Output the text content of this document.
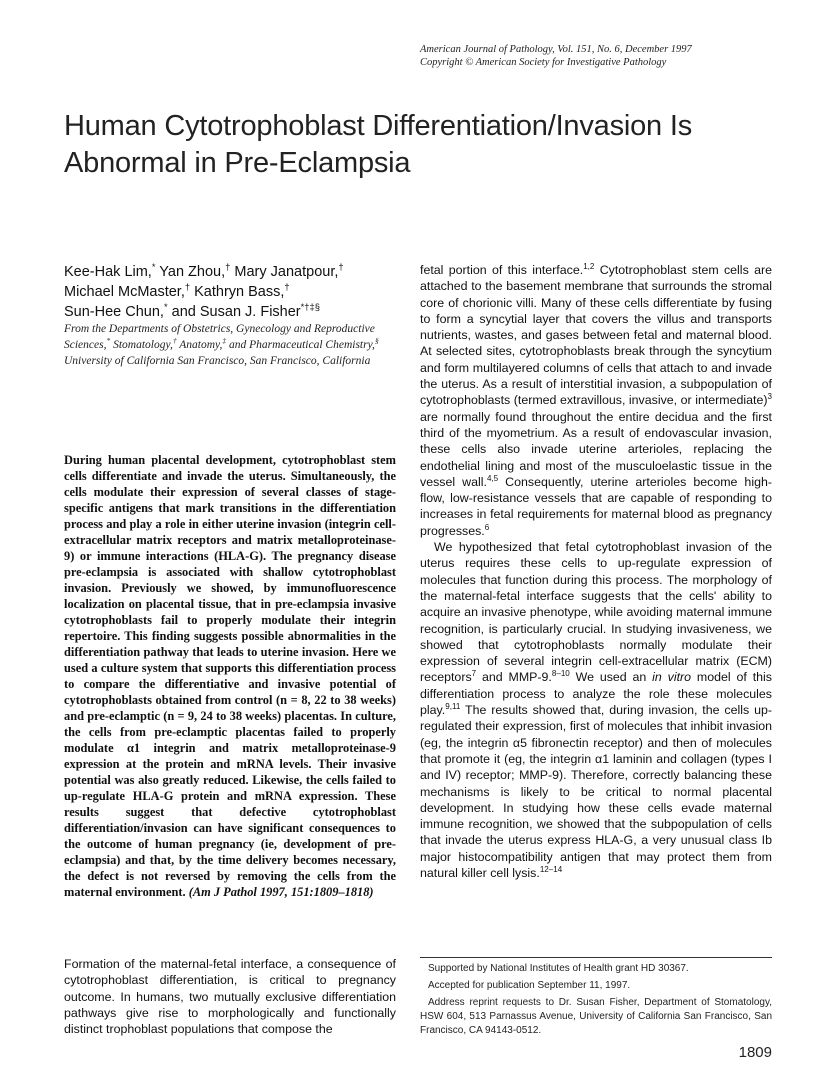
American Journal of Pathology, Vol. 151, No. 6, December 1997
Copyright © American Society for Investigative Pathology
Human Cytotrophoblast Differentiation/Invasion Is Abnormal in Pre-Eclampsia
Kee-Hak Lim,* Yan Zhou,† Mary Janatpour,†
Michael McMaster,† Kathryn Bass,†
Sun-Hee Chun,* and Susan J. Fisher*†‡§
From the Departments of Obstetrics, Gynecology and Reproductive Sciences,* Stomatology,† Anatomy,‡ and Pharmaceutical Chemistry,§ University of California San Francisco, San Francisco, California
During human placental development, cytotrophoblast stem cells differentiate and invade the uterus. Simultaneously, the cells modulate their expression of several classes of stage-specific antigens that mark transitions in the differentiation process and play a role in either uterine invasion (integrin cell-extracellular matrix receptors and matrix metalloproteinase-9) or immune interactions (HLA-G). The pregnancy disease pre-eclampsia is associated with shallow cytotrophoblast invasion. Previously we showed, by immunofluorescence localization on placental tissue, that in pre-eclampsia invasive cytotrophoblasts fail to properly modulate their integrin repertoire. This finding suggests possible abnormalities in the differentiation pathway that leads to uterine invasion. Here we used a culture system that supports this differentiation process to compare the differentiative and invasive potential of cytotrophoblasts obtained from control (n = 8, 22 to 38 weeks) and pre-eclamptic (n = 9, 24 to 38 weeks) placentas. In culture, the cells from pre-eclamptic placentas failed to properly modulate α1 integrin and matrix metalloproteinase-9 expression at the protein and mRNA levels. Their invasive potential was also greatly reduced. Likewise, the cells failed to up-regulate HLA-G protein and mRNA expression. These results suggest that defective cytotrophoblast differentiation/invasion can have significant consequences to the outcome of human pregnancy (ie, development of pre-eclampsia) and that, by the time delivery becomes necessary, the defect is not reversed by removing the cells from the maternal environment. (Am J Pathol 1997, 151:1809–1818)
Formation of the maternal-fetal interface, a consequence of cytotrophoblast differentiation, is critical to pregnancy outcome. In humans, two mutually exclusive differentiation pathways give rise to morphologically and functionally distinct trophoblast populations that compose the

fetal portion of this interface.$^{1,2}$ Cytotrophoblast stem cells are attached to the basement membrane that surrounds the stromal core of chorionic villi. Many of these cells differentiate by fusing to form a syncytial layer that covers the villus and transports nutrients, wastes, and gases between fetal and maternal blood. At selected sites, cytotrophoblasts break through the syncytium and form multilayered columns of cells that attach to and invade the uterus. As a result of interstitial invasion, a subpopulation of cytotrophoblasts (termed extravillous, invasive, or intermediate)$^3$ are normally found throughout the entire decidua and the first third of the myometrium. As a result of endovascular invasion, these cells also invade uterine arterioles, replacing the endothelial lining and most of the musculoelastic tissue in the vessel wall.$^{4,5}$ Consequently, uterine arterioles become high-flow, low-resistance vessels that are capable of responding to increases in fetal requirements for maternal blood as pregnancy progresses.$^6$

We hypothesized that fetal cytotrophoblast invasion of the uterus requires these cells to up-regulate expression of molecules that function during this process. The morphology of the maternal-fetal interface suggests that the cells' ability to acquire an invasive phenotype, while avoiding maternal immune recognition, is particularly crucial. In studying invasiveness, we showed that cytotrophoblasts normally modulate their expression of several integrin cell-extracellular matrix (ECM) receptors$^7$ and MMP-9.$^{8-10}$ We used an in vitro model of this differentiation process to analyze the role these molecules play.$^{9,11}$ The results showed that, during invasion, the cells up-regulated their expression, first of molecules that inhibit invasion (eg, the integrin α5 fibronectin receptor) and then of molecules that promote it (eg, the integrin α1 laminin and collagen (types I and IV) receptor; MMP-9). Therefore, correctly balancing these mechanisms is likely to be critical to normal placental development. In studying how these cells evade maternal immune recognition, we showed that the subpopulation of cells that invade the uterus express HLA-G, a very unusual class Ib major histocompatibility antigen that may protect them from natural killer cell lysis.$^{12-14}$

Supported by National Institutes of Health grant HD 30367.

Accepted for publication September 11, 1997.

Address reprint requests to Dr. Susan Fisher, Department of Stomatology, HSW 604, 513 Parnassus Avenue, University of California San Francisco, San Francisco, CA 94143-0512.

1809
